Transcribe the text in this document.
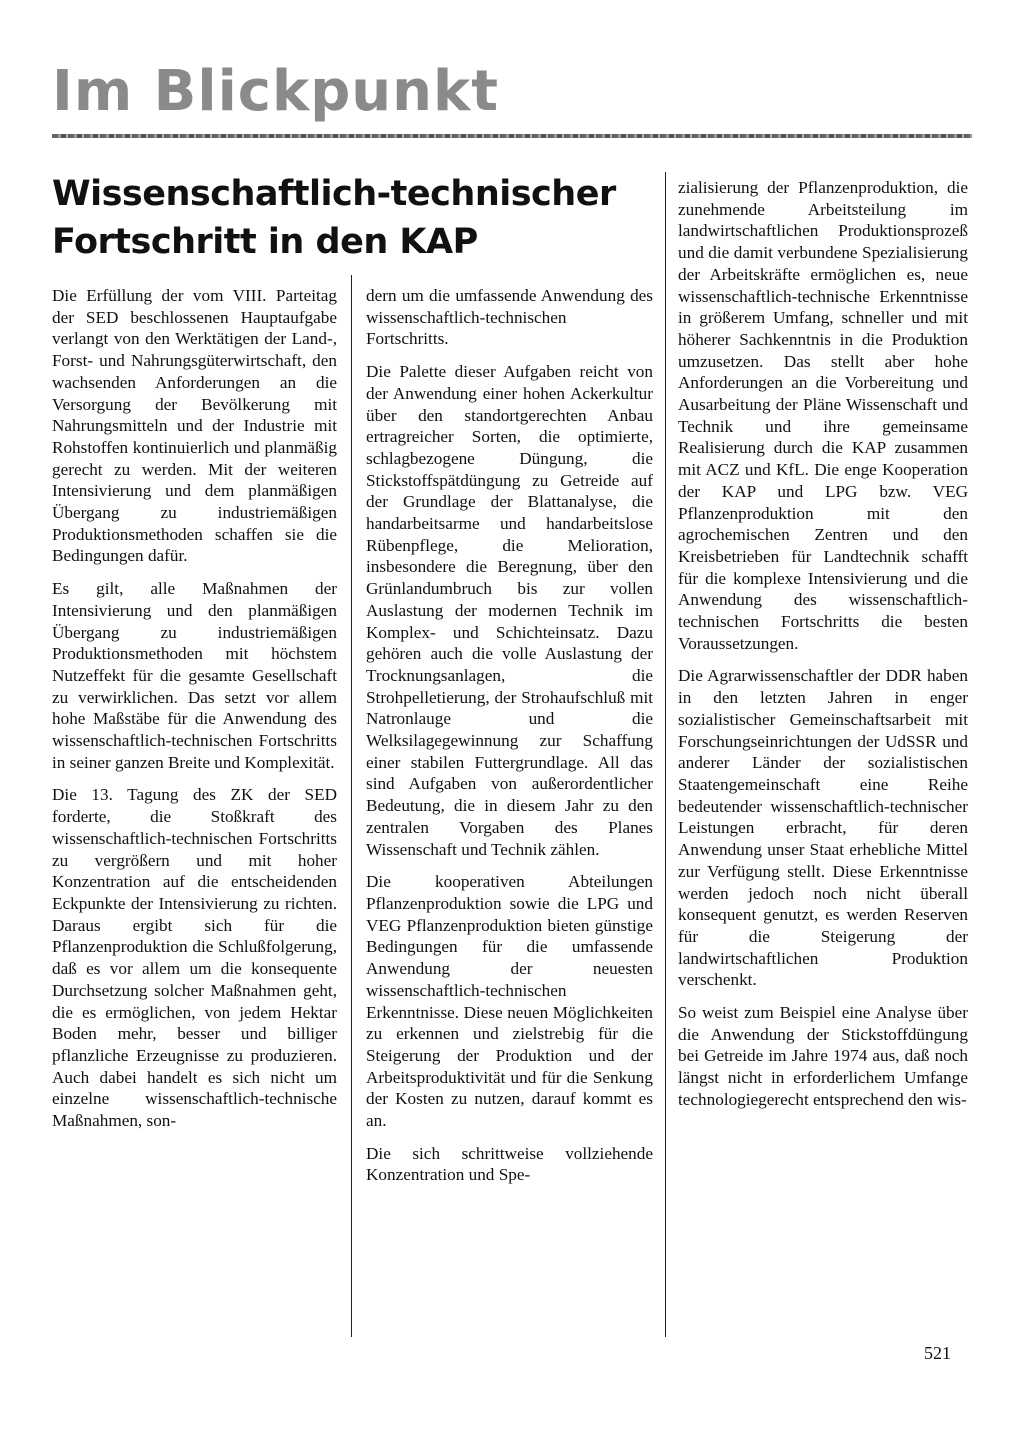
Im Blickpunkt
Wissenschaftlich-technischer
Fortschritt in den KAP

Die Erfüllung der vom VIII. Parteitag der SED beschlossenen Hauptaufgabe verlangt von den Werktätigen der Land-, Forst- und Nahrungsgüterwirtschaft, den wachsenden Anforderungen an die Versorgung der Bevölkerung mit Nahrungsmitteln und der Industrie mit Rohstoffen kontinuierlich und planmäßig gerecht zu werden. Mit der weiteren Intensivierung und dem planmäßigen Übergang zu industriemäßigen Produktionsmethoden schaffen sie die Bedingungen dafür.

Es gilt, alle Maßnahmen der Intensivierung und den planmäßigen Übergang zu industriemäßigen Produktionsmethoden mit höchstem Nutzeffekt für die gesamte Gesellschaft zu verwirklichen. Das setzt vor allem hohe Maßstäbe für die Anwendung des wissenschaftlich-technischen Fortschritts in seiner ganzen Breite und Komplexität.

Die 13. Tagung des ZK der SED forderte, die Stoßkraft des wissenschaftlich-technischen Fortschritts zu vergrößern und mit hoher Konzentration auf die entscheidenden Eckpunkte der Intensivierung zu richten. Daraus ergibt sich für die Pflanzenproduktion die Schlußfolgerung, daß es vor allem um die konsequente Durchsetzung solcher Maßnahmen geht, die es ermöglichen, von jedem Hektar Boden mehr, besser und billiger pflanzliche Erzeugnisse zu produzieren. Auch dabei handelt es sich nicht um einzelne wissenschaftlich-technische Maßnahmen, son-

dern um die umfassende Anwendung des wissenschaftlich-technischen Fortschritts.

Die Palette dieser Aufgaben reicht von der Anwendung einer hohen Ackerkultur über den standortgerechten Anbau ertragreicher Sorten, die optimierte, schlagbezogene Düngung, die Stickstoffspätdüngung zu Getreide auf der Grundlage der Blattanalyse, die handarbeitsarme und handarbeitslose Rübenpflege, die Melioration, insbesondere die Beregnung, über den Grünlandumbruch bis zur vollen Auslastung der modernen Technik im Komplex- und Schichteinsatz. Dazu gehören auch die volle Auslastung der Trocknungsanlagen, die Strohpelletierung, der Strohaufschluß mit Natronlauge und die Welksilagegewinnung zur Schaffung einer stabilen Futtergrundlage. All das sind Aufgaben von außerordentlicher Bedeutung, die in diesem Jahr zu den zentralen Vorgaben des Planes Wissenschaft und Technik zählen.

Die kooperativen Abteilungen Pflanzenproduktion sowie die LPG und VEG Pflanzenproduktion bieten günstige Bedingungen für die umfassende Anwendung der neuesten wissenschaftlich-technischen Erkenntnisse. Diese neuen Möglichkeiten zu erkennen und zielstrebig für die Steigerung der Produktion und der Arbeitsproduktivität und für die Senkung der Kosten zu nutzen, darauf kommt es an.

Die sich schrittweise vollziehende Konzentration und Spe-

zialisierung der Pflanzenproduktion, die zunehmende Arbeitsteilung im landwirtschaftlichen Produktionsprozeß und die damit verbundene Spezialisierung der Arbeitskräfte ermöglichen es, neue wissenschaftlich-technische Erkenntnisse in größerem Umfang, schneller und mit höherer Sachkenntnis in die Produktion umzusetzen. Das stellt aber hohe Anforderungen an die Vorbereitung und Ausarbeitung der Pläne Wissenschaft und Technik und ihre gemeinsame Realisierung durch die KAP zusammen mit ACZ und KfL. Die enge Kooperation der KAP und LPG bzw. VEG Pflanzenproduktion mit den agrochemischen Zentren und den Kreisbetrieben für Landtechnik schafft für die komplexe Intensivierung und die Anwendung des wissenschaftlich-technischen Fortschritts die besten Voraussetzungen.

Die Agrarwissenschaftler der DDR haben in den letzten Jahren in enger sozialistischer Gemeinschaftsarbeit mit Forschungseinrichtungen der UdSSR und anderer Länder der sozialistischen Staatengemeinschaft eine Reihe bedeutender wissenschaftlich-technischer Leistungen erbracht, für deren Anwendung unser Staat erhebliche Mittel zur Verfügung stellt. Diese Erkenntnisse werden jedoch noch nicht überall konsequent genutzt, es werden Reserven für die Steigerung der landwirtschaftlichen Produktion verschenkt.

So weist zum Beispiel eine Analyse über die Anwendung der Stickstoffdüngung bei Getreide im Jahre 1974 aus, daß noch längst nicht in erforderlichem Umfange technologiegerecht entsprechend den wis-

521
